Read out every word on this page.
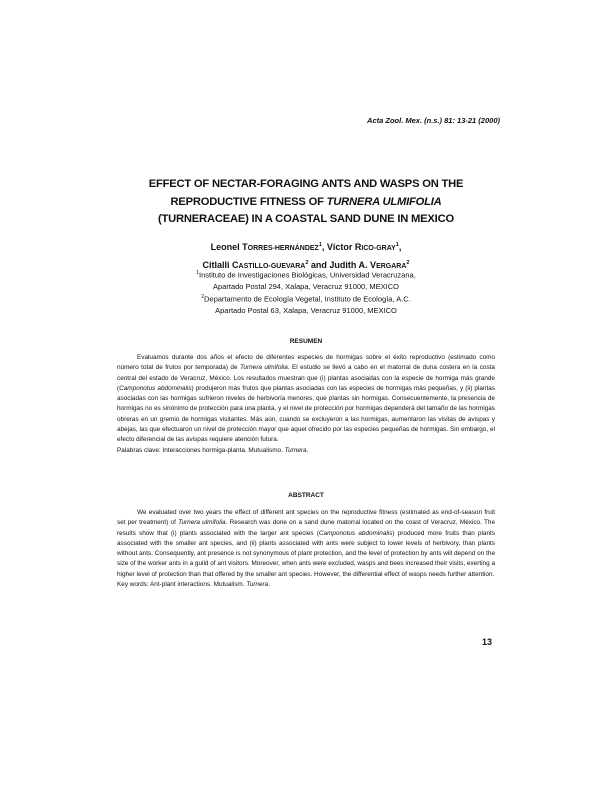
Acta Zool. Mex. (n.s.) 81: 13-21 (2000)
EFFECT OF NECTAR-FORAGING ANTS AND WASPS ON THE
REPRODUCTIVE FITNESS OF TURNERA ULMIFOLIA
(TURNERACEAE) IN A COASTAL SAND DUNE IN MEXICO
Leonel TORRES-HERNÁNDEZ$^1$, Víctor RICO-GRAY$^1$,
Citlalli CASTILLO-GUEVARA$^2$ and Judith A. VERGARA$^2$
$^1$Instituto de Investigaciones Biológicas, Universidad Veracruzana,
Apartado Postal 294, Xalapa, Veracruz 91000, MEXICO
$^2$Departamento de Ecología Vegetal, Instituto de Ecología, A.C.
Apartado Postal 63, Xalapa, Veracruz 91000, MEXICO
RESUMEN

Evaluamos durante dos años el efecto de diferentes especies de hormigas sobre el éxito reproductivo (estimado como número total de frutos por temporada) de Turnera ulmifolia. El estudio se llevó a cabo en el matorral de duna costera en la costa central del estado de Veracruz, México. Los resultados muestran que (i) plantas asociadas con la especie de hormiga más grande (Camponotus abdominalis) produjeron más frutos que plantas asociadas con las especies de hormigas más pequeñas, y (ii) plantas asociadas con las hormigas sufrieron niveles de herbivoría menores, que plantas sin hormigas. Consecuentemente, la presencia de hormigas no es sinónimo de protección para una planta, y el nivel de protección por hormigas dependerá del tamaño de las hormigas obreras en un gremio de hormigas visitantes. Más aún, cuando se excluyeron a las hormigas, aumentaron las visitas de avispas y abejas, las que efectuaron un nivel de protección mayor que aquel ofrecido por las especies pequeñas de hormigas. Sin embargo, el efecto diferencial de las avispas requiere atención futura.

Palabras clave: Interacciones hormiga-planta. Mutualismo. Turnera.
ABSTRACT

We evaluated over two years the effect of different ant species on the reproductive fitness (estimated as end-of-season fruit set per treatment) of Turnera ulmifolia. Research was done on a sand dune matorral located on the coast of Veracruz, México. The results show that (i) plants associated with the larger ant species (Camponotus abdominalis) produced more fruits than plants associated with the smaller ant species, and (ii) plants associated with ants were subject to lower levels of herbivory, than plants without ants. Consequently, ant presence is not synonymous of plant protection, and the level of protection by ants will depend on the size of the worker ants in a guild of ant visitors. Moreover, when ants were excluded, wasps and bees increased their visits, exerting a higher level of protection than that offered by the smaller ant species. However, the differential effect of wasps needs further attention.

Key words: Ant-plant interactions. Mutualism. Turnera.
13
